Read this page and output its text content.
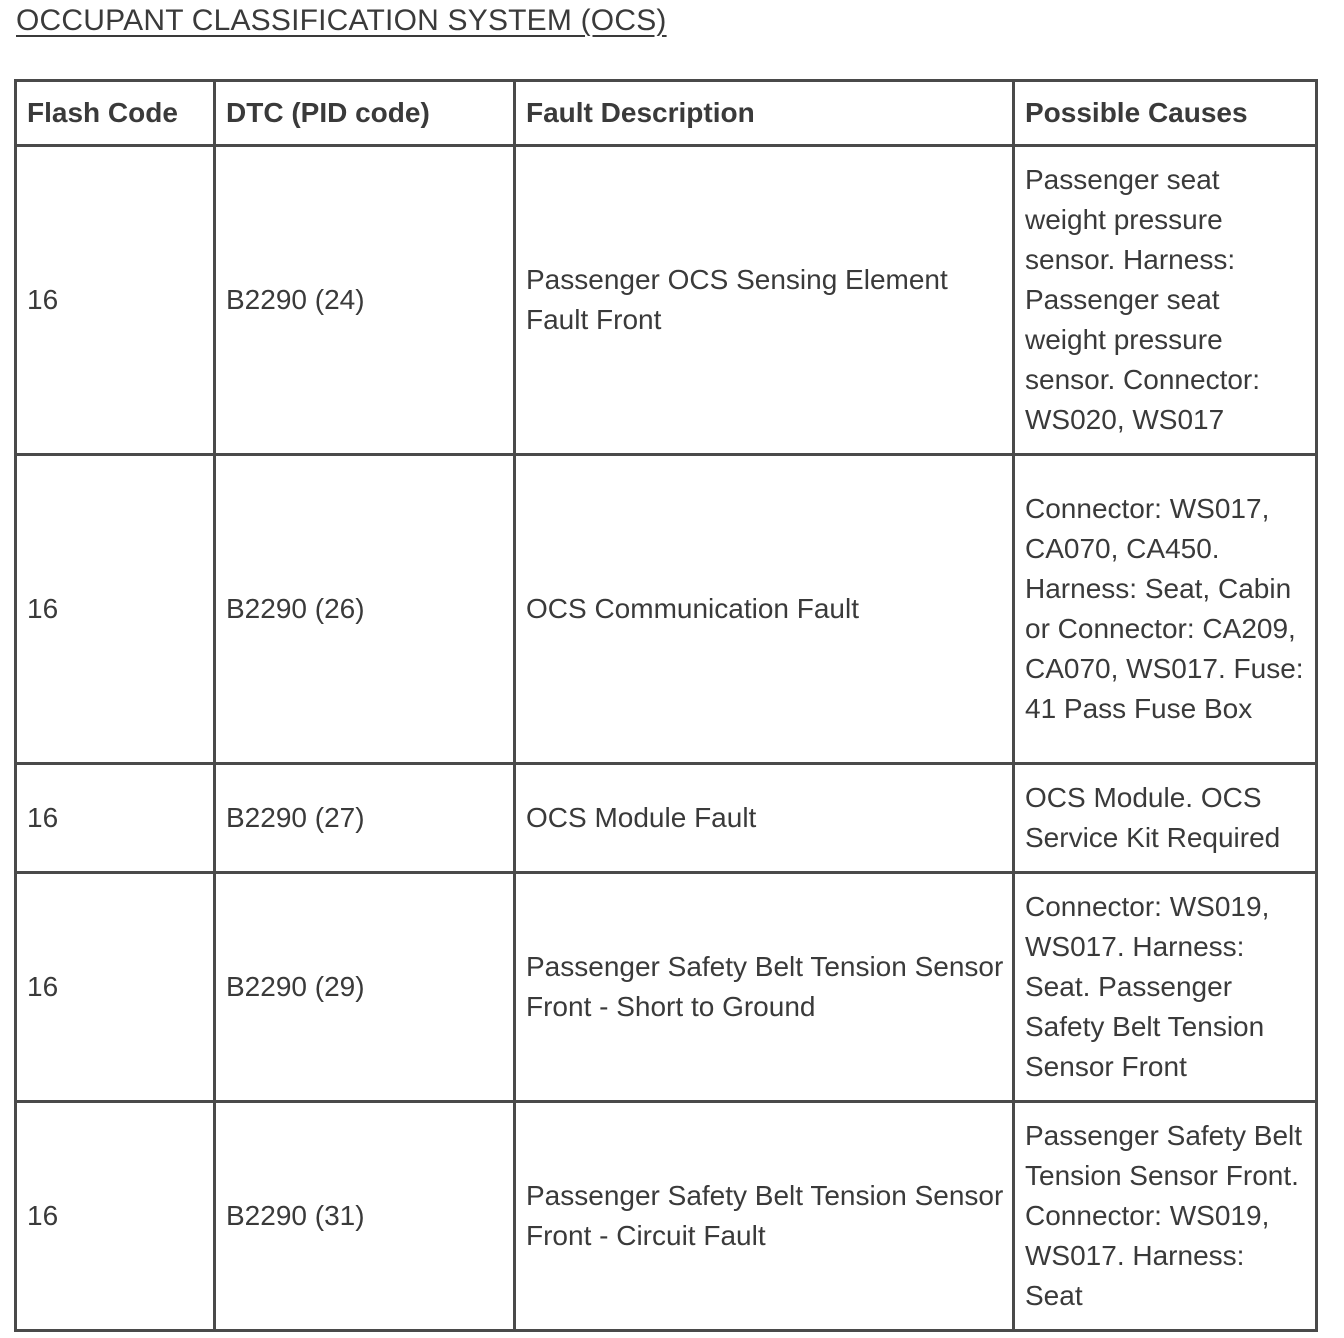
OCCUPANT CLASSIFICATION SYSTEM (OCS)
Flash Code	DTC (PID code)	Fault Description	Possible Causes
16	B2290 (24)	Passenger OCS Sensing Element Fault Front	Passenger seat weight pressure sensor. Harness: Passenger seat weight pressure sensor. Connector: WS020, WS017
16	B2290 (26)	OCS Communication Fault	Connector: WS017, CA070, CA450. Harness: Seat, Cabin or Connector: CA209, CA070, WS017. Fuse: 41 Pass Fuse Box
16	B2290 (27)	OCS Module Fault	OCS Module. OCS Service Kit Required
16	B2290 (29)	Passenger Safety Belt Tension Sensor Front - Short to Ground	Connector: WS019, WS017. Harness: Seat. Passenger Safety Belt Tension Sensor Front
16	B2290 (31)	Passenger Safety Belt Tension Sensor Front - Circuit Fault	Passenger Safety Belt Tension Sensor Front. Connector: WS019, WS017. Harness: Seat
